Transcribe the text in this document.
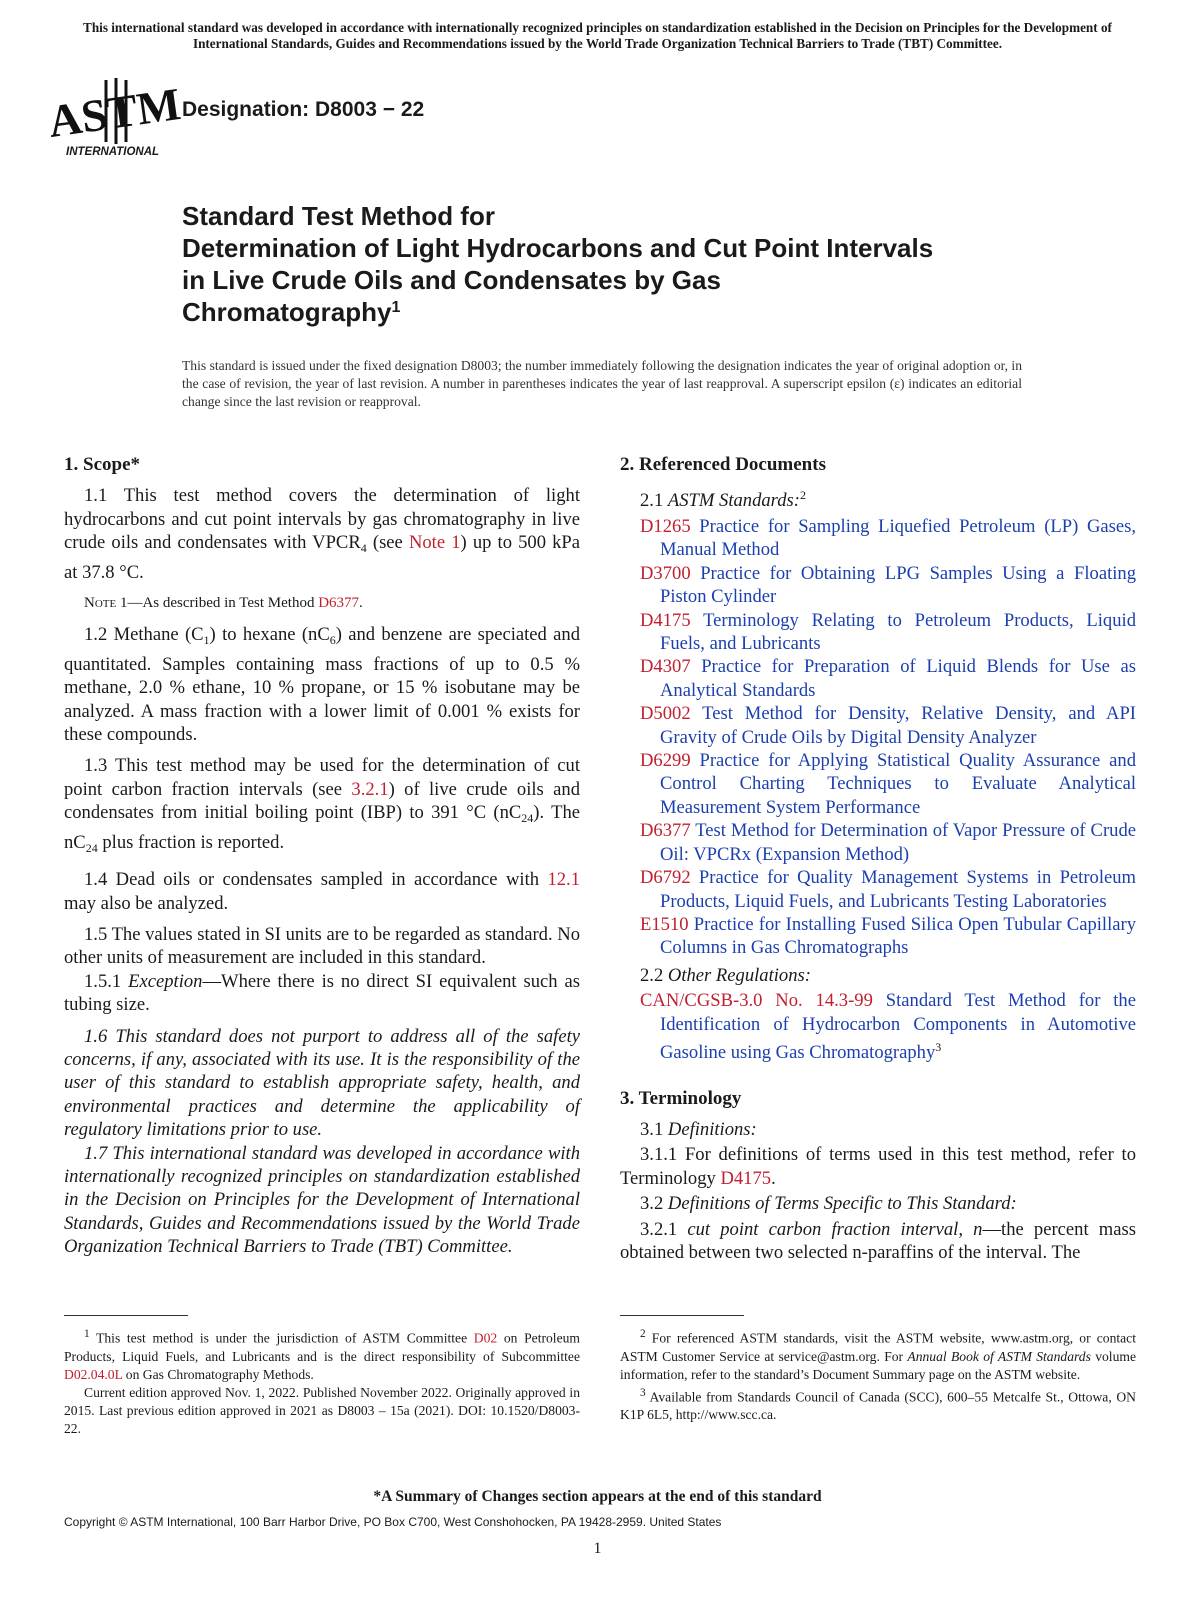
This international standard was developed in accordance with internationally recognized principles on standardization established in the Decision on Principles for the Development of International Standards, Guides and Recommendations issued by the World Trade Organization Technical Barriers to Trade (TBT) Committee.
ASTM
INTERNATIONAL
Designation: D8003 − 22
Standard Test Method for
Determination of Light Hydrocarbons and Cut Point Intervals in Live Crude Oils and Condensates by Gas Chromatography$^1$
This standard is issued under the fixed designation D8003; the number immediately following the designation indicates the year of original adoption or, in the case of revision, the year of last revision. A number in parentheses indicates the year of last reapproval. A superscript epsilon (ε) indicates an editorial change since the last revision or reapproval.
1. Scope*
1.1 This test method covers the determination of light hydrocarbons and cut point intervals by gas chromatography in live crude oils and condensates with $VPCR_4$ (see Note 1) up to 500 kPa at 37.8 °C.
Note 1—As described in Test Method D6377.
1.2 Methane $(C_1)$ to hexane $(nC_6)$ and benzene are speciated and quantitated. Samples containing mass fractions of up to 0.5 % methane, 2.0 % ethane, 10 % propane, or 15 % isobutane may be analyzed. A mass fraction with a lower limit of 0.001 % exists for these compounds.
1.3 This test method may be used for the determination of cut point carbon fraction intervals (see 3.2.1) of live crude oils and condensates from initial boiling point (IBP) to 391 °C $(nC_{24})$. The $nC_{24}$ plus fraction is reported.
1.4 Dead oils or condensates sampled in accordance with 12.1 may also be analyzed.
1.5 The values stated in SI units are to be regarded as standard. No other units of measurement are included in this standard.
1.5.1 Exception—Where there is no direct SI equivalent such as tubing size.
1.6 This standard does not purport to address all of the safety concerns, if any, associated with its use. It is the responsibility of the user of this standard to establish appropriate safety, health, and environmental practices and determine the applicability of regulatory limitations prior to use.
1.7 This international standard was developed in accordance with internationally recognized principles on standardization established in the Decision on Principles for the Development of International Standards, Guides and Recommendations issued by the World Trade Organization Technical Barriers to Trade (TBT) Committee.
2. Referenced Documents
2.1 ASTM Standards:$^2$
D1265 Practice for Sampling Liquefied Petroleum (LP) Gases, Manual Method
D3700 Practice for Obtaining LPG Samples Using a Floating Piston Cylinder
D4175 Terminology Relating to Petroleum Products, Liquid Fuels, and Lubricants
D4307 Practice for Preparation of Liquid Blends for Use as Analytical Standards
D5002 Test Method for Density, Relative Density, and API Gravity of Crude Oils by Digital Density Analyzer
D6299 Practice for Applying Statistical Quality Assurance and Control Charting Techniques to Evaluate Analytical Measurement System Performance
D6377 Test Method for Determination of Vapor Pressure of Crude Oil: VPCRx (Expansion Method)
D6792 Practice for Quality Management Systems in Petroleum Products, Liquid Fuels, and Lubricants Testing Laboratories
E1510 Practice for Installing Fused Silica Open Tubular Capillary Columns in Gas Chromatographs
2.2 Other Regulations:
CAN/CGSB-3.0 No. 14.3-99 Standard Test Method for the Identification of Hydrocarbon Components in Automotive Gasoline using Gas Chromatography$^3$
3. Terminology
3.1 Definitions:
3.1.1 For definitions of terms used in this test method, refer to Terminology D4175.
3.2 Definitions of Terms Specific to This Standard:
3.2.1 cut point carbon fraction interval, n—the percent mass obtained between two selected n-paraffins of the interval. The

$^1$ This test method is under the jurisdiction of ASTM Committee D02 on Petroleum Products, Liquid Fuels, and Lubricants and is the direct responsibility of Subcommittee D02.04.0L on Gas Chromatography Methods.

Current edition approved Nov. 1, 2022. Published November 2022. Originally approved in 2015. Last previous edition approved in 2021 as D8003 – 15a (2021). DOI: 10.1520/D8003-22.

$^2$ For referenced ASTM standards, visit the ASTM website, www.astm.org, or contact ASTM Customer Service at service@astm.org. For Annual Book of ASTM Standards volume information, refer to the standard’s Document Summary page on the ASTM website.

$^3$ Available from Standards Council of Canada (SCC), 600–55 Metcalfe St., Ottowa, ON K1P 6L5, http://www.scc.ca.

*A Summary of Changes section appears at the end of this standard
Copyright © ASTM International, 100 Barr Harbor Drive, PO Box C700, West Conshohocken, PA 19428-2959. United States
1
